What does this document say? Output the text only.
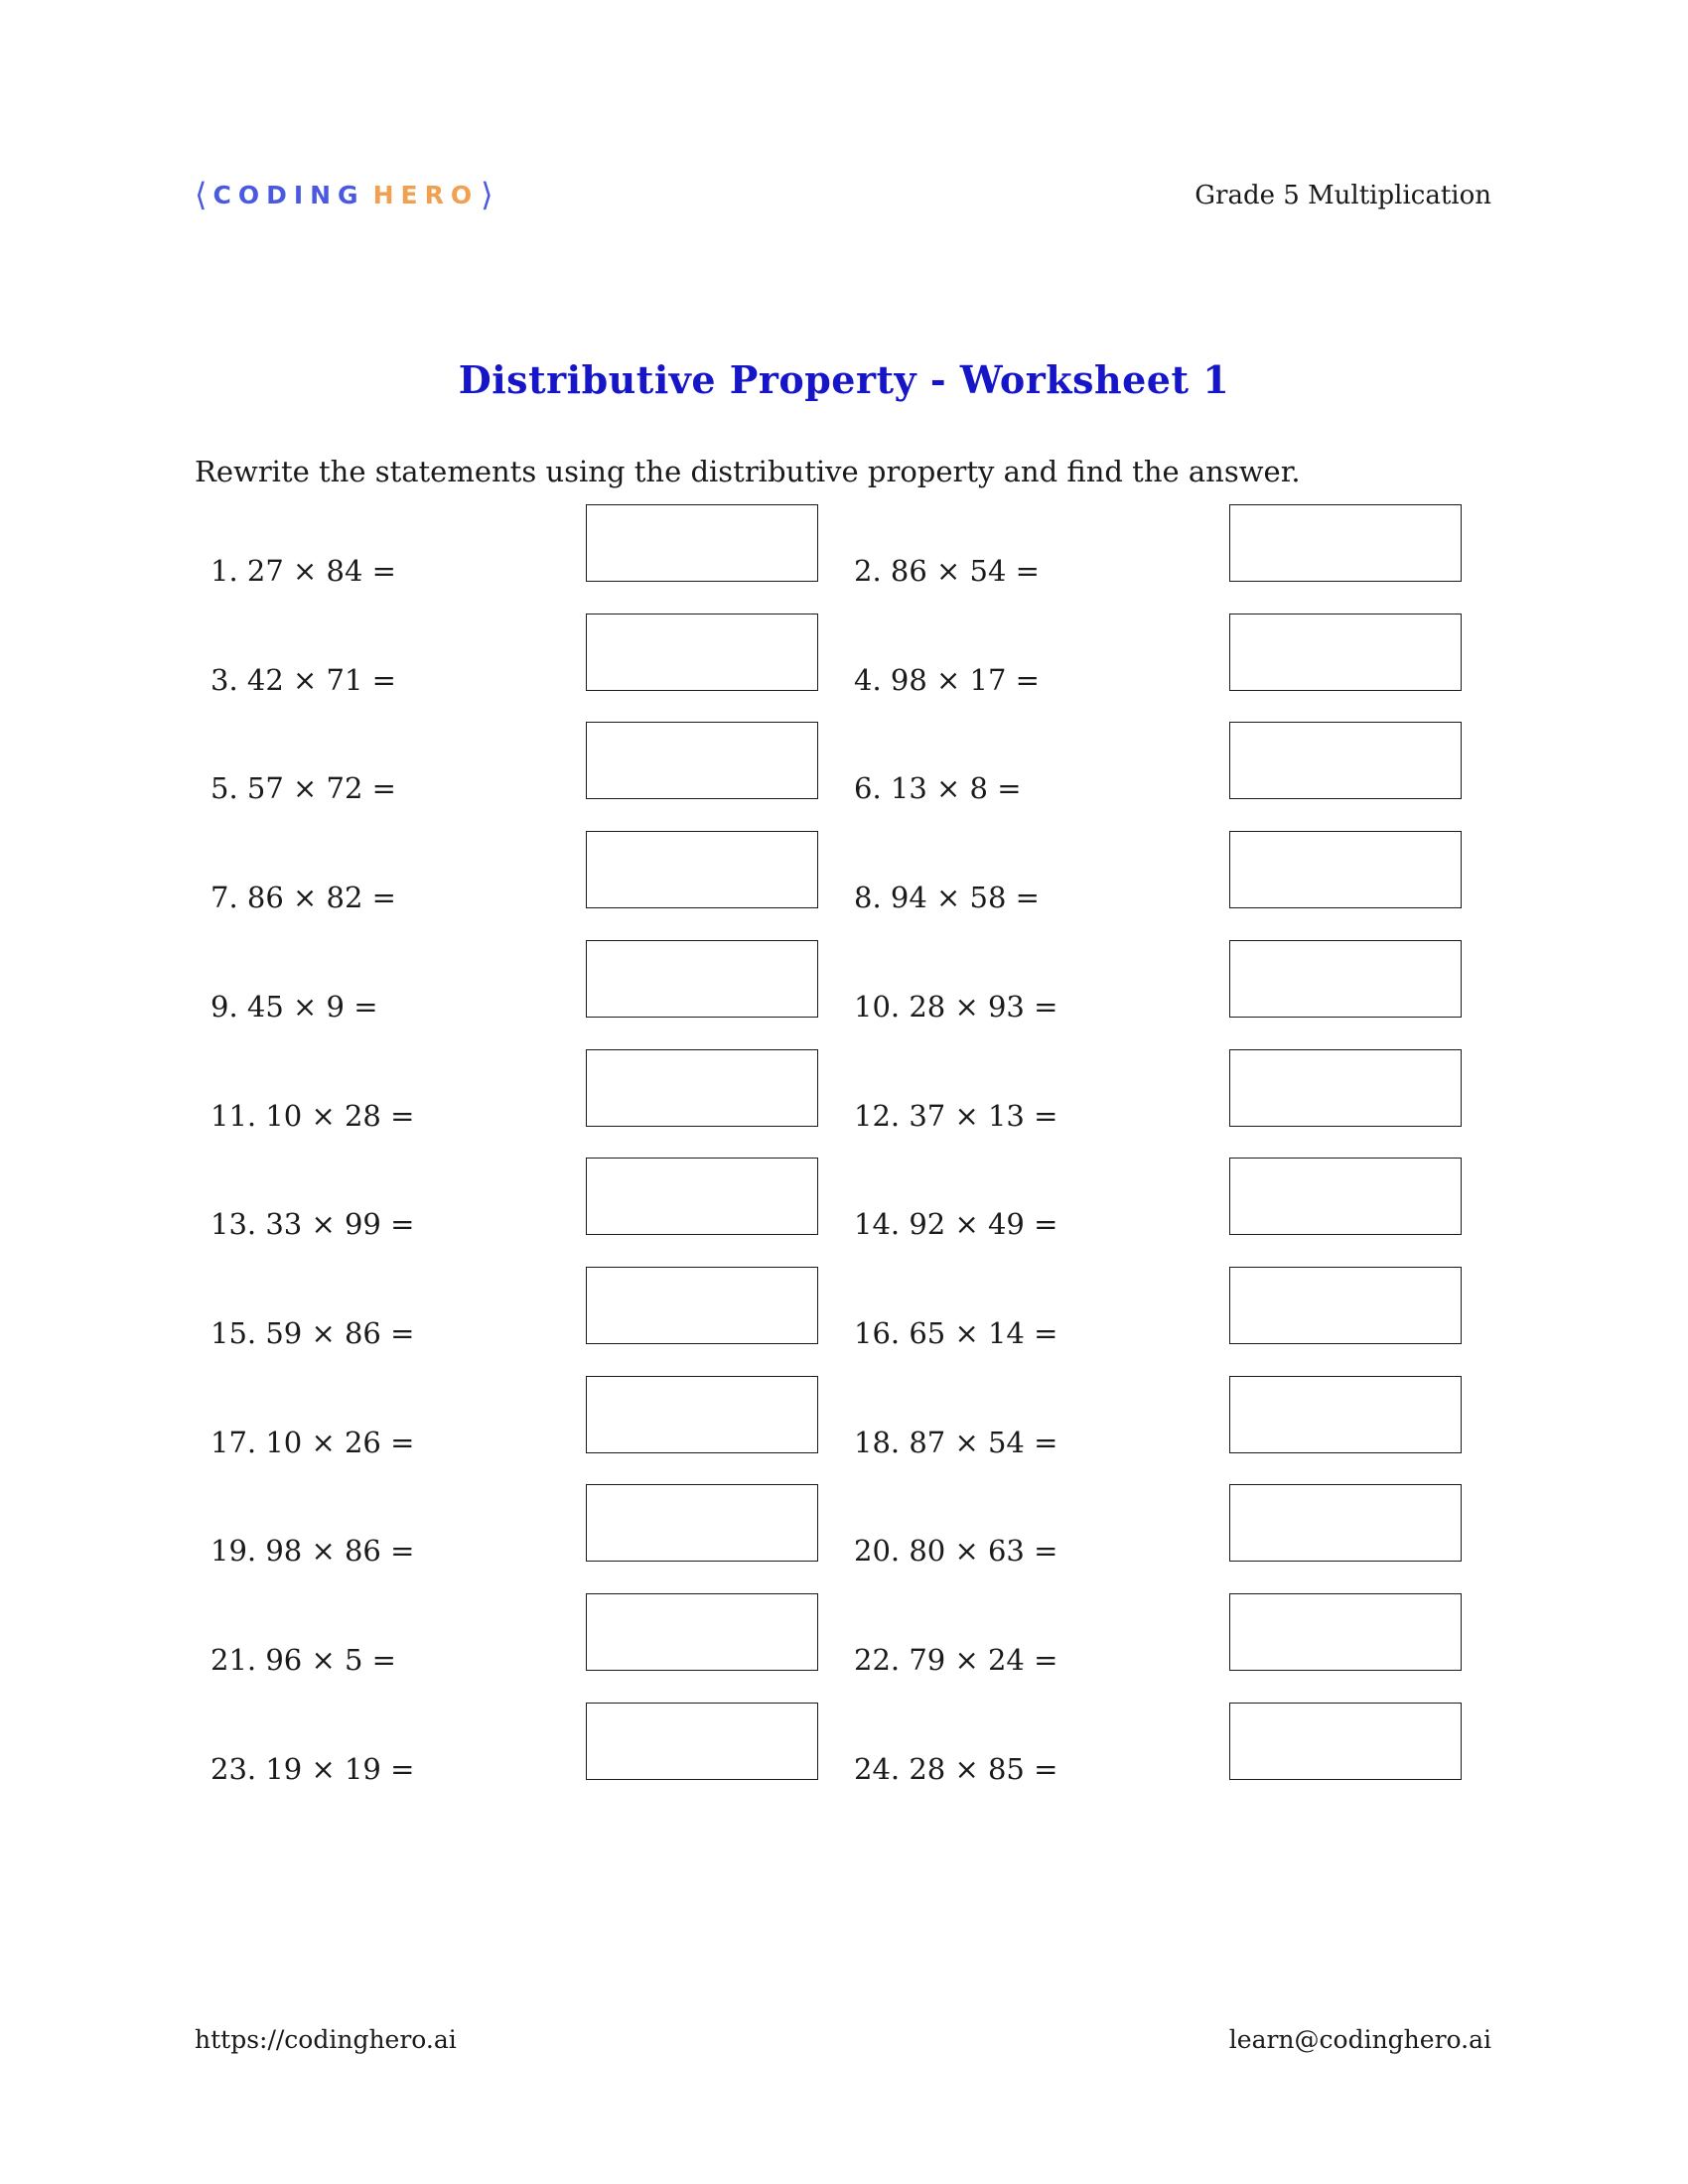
⟨ CODING HERO ⟩	Grade 5 Multiplication
Distributive Property - Worksheet 1
Rewrite the statements using the distributive property and find the answer.
1. 27 × 84 =	2. 86 × 54 =
3. 42 × 71 =	4. 98 × 17 =
5. 57 × 72 =	6. 13 × 8 =
7. 86 × 82 =	8. 94 × 58 =
9. 45 × 9 =	10. 28 × 93 =
11. 10 × 28 =	12. 37 × 13 =
13. 33 × 99 =	14. 92 × 49 =
15. 59 × 86 =	16. 65 × 14 =
17. 10 × 26 =	18. 87 × 54 =
19. 98 × 86 =	20. 80 × 63 =
21. 96 × 5 =	22. 79 × 24 =
23. 19 × 19 =	24. 28 × 85 =
https://codinghero.ai	learn@codinghero.ai
